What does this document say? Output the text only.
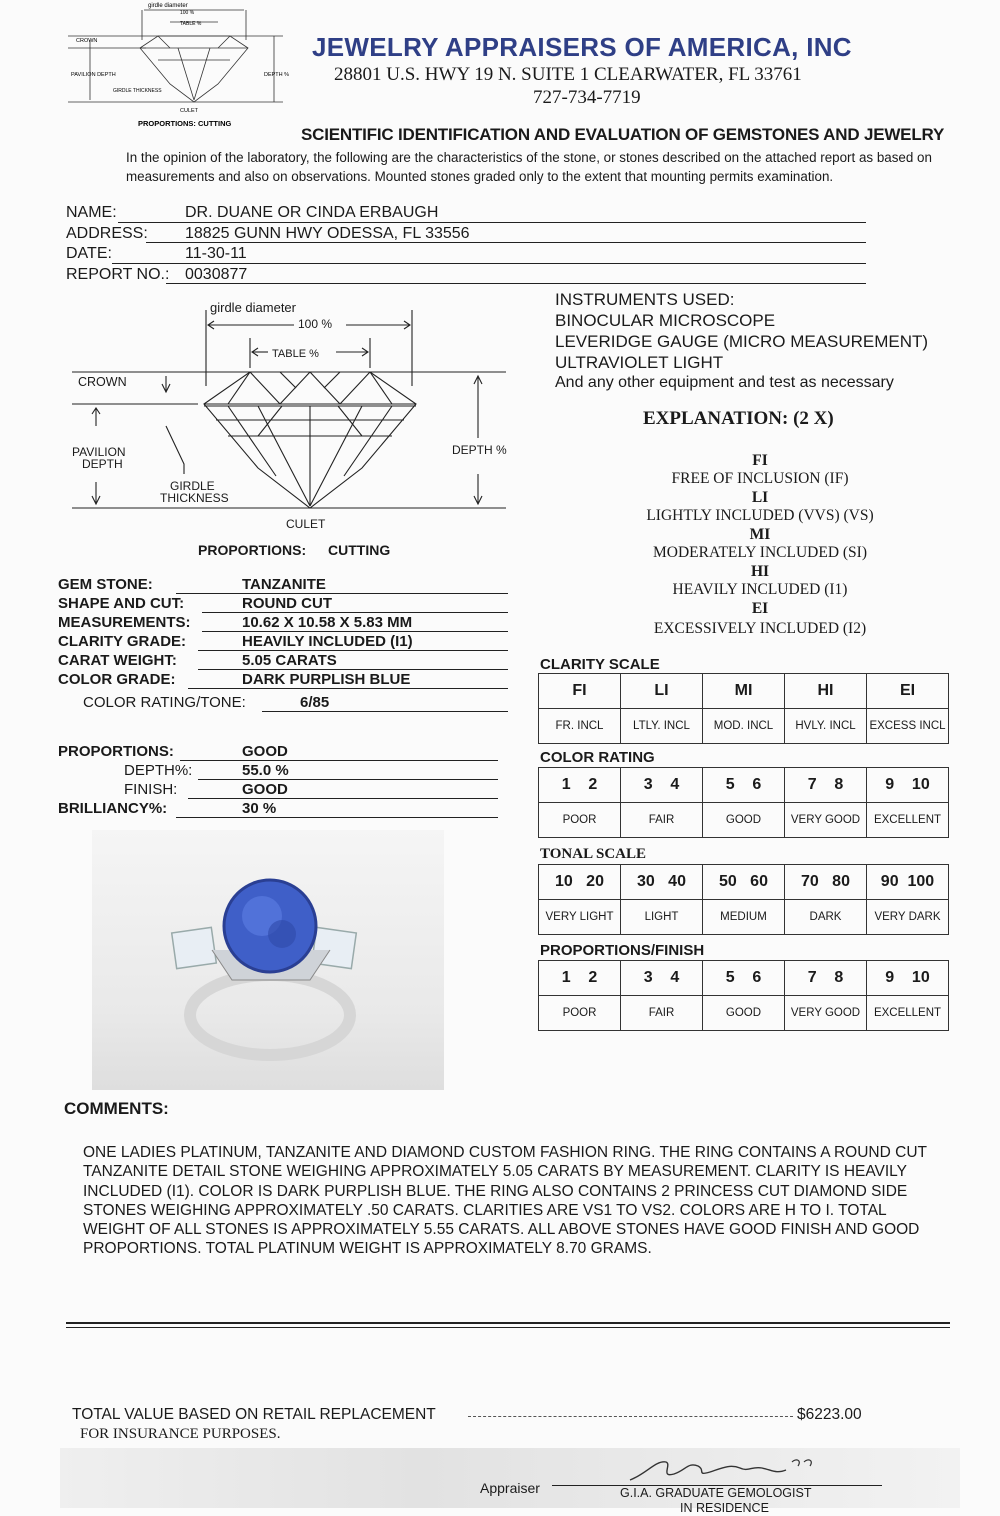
girdle diameter
100 %
TABLE %
CROWN
PAVILION DEPTH
GIRDLE THICKNESS
DEPTH %
CULET
PROPORTIONS: CUTTING
JEWELRY APPRAISERS OF AMERICA, INC
28801 U.S. HWY 19 N. SUITE 1 CLEARWATER, FL 33761
727-734-7719
SCIENTIFIC IDENTIFICATION AND EVALUATION OF GEMSTONES AND JEWELRY
In the opinion of the laboratory, the following are the characteristics of the stone, or stones described on the attached report as based on measurements and also on observations. Mounted stones graded only to the extent that mounting permits examination.
NAME:	DR. DUANE OR CINDA ERBAUGH
ADDRESS: 18825 GUNN HWY ODESSA, FL 33556
DATE:	11-30-11
REPORT NO.: 0030877
girdle diameter
100 %
TABLE %
CROWN
PAVILION
DEPTH
GIRDLE
THICKNESS
DEPTH %
CULET
PROPORTIONS: CUTTING
INSTRUMENTS USED:
BINOCULAR MICROSCOPE
LEVERIDGE GAUGE (MICRO MEASUREMENT)
ULTRAVIOLET LIGHT
And any other equipment and test as necessary
EXPLANATION: (2 X)
FI
FREE OF INCLUSION (IF)
LI
LIGHTLY INCLUDED (VVS) (VS)
MI
MODERATELY INCLUDED (SI)
HI
HEAVILY INCLUDED (I1)
EI
EXCESSIVELY INCLUDED (I2)
GEM STONE:	TANZANITE
SHAPE AND CUT:	ROUND CUT
MEASUREMENTS:	10.62 X 10.58 X 5.83 MM
CLARITY GRADE:	HEAVILY INCLUDED (I1)
CARAT WEIGHT:	5.05 CARATS
COLOR GRADE:	DARK PURPLISH BLUE
COLOR RATING/TONE:	6/85
PROPORTIONS:	GOOD
DEPTH%:	55.0 %
FINISH:	GOOD
BRILLIANCY%:	30 %
CLARITY SCALE
FI	LI	MI	HI	EI
FR. INCL	LTLY. INCL	MOD. INCL	HVLY. INCL	EXCESS INCL
COLOR RATING
1    2	3    4	5    6	7    8	9    10
POOR	FAIR	GOOD	VERY GOOD	EXCELLENT
TONAL SCALE
10   20	30   40	50   60	70   80	90  100
VERY LIGHT	LIGHT	MEDIUM	DARK	VERY DARK
PROPORTIONS/FINISH
1    2	3    4	5    6	7    8	9    10
POOR	FAIR	GOOD	VERY GOOD	EXCELLENT
COMMENTS:
ONE LADIES PLATINUM, TANZANITE AND DIAMOND CUSTOM FASHION RING. THE RING CONTAINS A ROUND CUT TANZANITE DETAIL STONE WEIGHING APPROXIMATELY 5.05 CARATS BY MEASUREMENT. CLARITY IS HEAVILY INCLUDED (I1). COLOR IS DARK PURPLISH BLUE. THE RING ALSO CONTAINS 2 PRINCESS CUT DIAMOND SIDE STONES WEIGHING APPROXIMATELY .50 CARATS. CLARITIES ARE VS1 TO VS2. COLORS ARE H TO I. TOTAL WEIGHT OF ALL STONES IS APPROXIMATELY 5.55 CARATS. ALL ABOVE STONES HAVE GOOD FINISH AND GOOD PROPORTIONS. TOTAL PLATINUM WEIGHT IS APPROXIMATELY 8.70 GRAMS.
TOTAL VALUE BASED ON RETAIL REPLACEMENT	$6223.00
FOR INSURANCE PURPOSES.
Appraiser	G.I.A. GRADUATE GEMOLOGIST
IN RESIDENCE
